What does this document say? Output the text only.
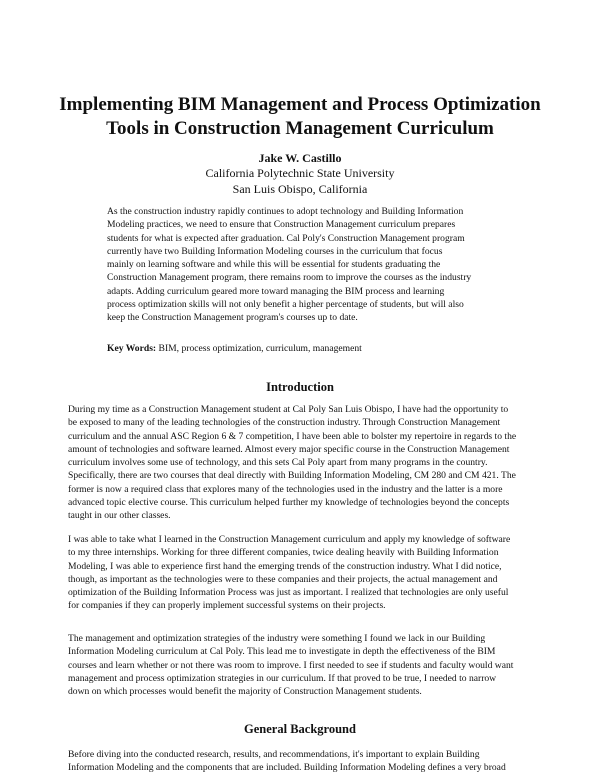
Implementing BIM Management and Process Optimization
Tools in Construction Management Curriculum
Jake W. Castillo
California Polytechnic State University
San Luis Obispo, California
As the construction industry rapidly continues to adopt technology and Building Information
Modeling practices, we need to ensure that Construction Management curriculum prepares
students for what is expected after graduation. Cal Poly's Construction Management program
currently have two Building Information Modeling courses in the curriculum that focus
mainly on learning software and while this will be essential for students graduating the
Construction Management program, there remains room to improve the courses as the industry
adapts. Adding curriculum geared more toward managing the BIM process and learning
process optimization skills will not only benefit a higher percentage of students, but will also
keep the Construction Management program's courses up to date.
Key Words: BIM, process optimization, curriculum, management
Introduction
During my time as a Construction Management student at Cal Poly San Luis Obispo, I have had the opportunity to
be exposed to many of the leading technologies of the construction industry. Through Construction Management
curriculum and the annual ASC Region 6 & 7 competition, I have been able to bolster my repertoire in regards to the
amount of technologies and software learned. Almost every major specific course in the Construction Management
curriculum involves some use of technology, and this sets Cal Poly apart from many programs in the country.
Specifically, there are two courses that deal directly with Building Information Modeling, CM 280 and CM 421. The
former is now a required class that explores many of the technologies used in the industry and the latter is a more
advanced topic elective course. This curriculum helped further my knowledge of technologies beyond the concepts
taught in our other classes.
I was able to take what I learned in the Construction Management curriculum and apply my knowledge of software
to my three internships. Working for three different companies, twice dealing heavily with Building Information
Modeling, I was able to experience first hand the emerging trends of the construction industry. What I did notice,
though, as important as the technologies were to these companies and their projects, the actual management and
optimization of the Building Information Process was just as important. I realized that technologies are only useful
for companies if they can properly implement successful systems on their projects.
The management and optimization strategies of the industry were something I found we lack in our Building
Information Modeling curriculum at Cal Poly. This lead me to investigate in depth the effectiveness of the BIM
courses and learn whether or not there was room to improve. I first needed to see if students and faculty would want
management and process optimization strategies in our curriculum. If that proved to be true, I needed to narrow
down on which processes would benefit the majority of Construction Management students.
General Background
Before diving into the conducted research, results, and recommendations, it's important to explain Building
Information Modeling and the components that are included. Building Information Modeling defines a very broad
